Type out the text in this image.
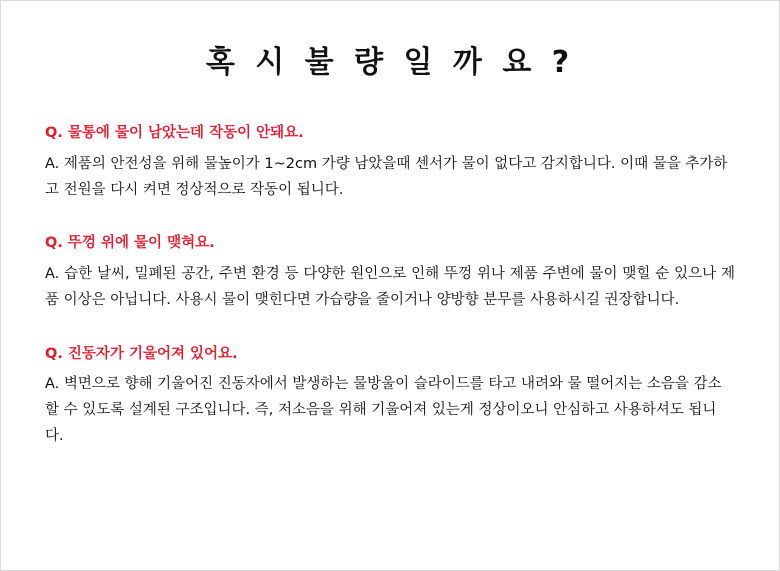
혹 시 불 량 일 까 요 ?

Q. 물통에 물이 남았는데 작동이 안돼요.

A. 제품의 안전성을 위해 물높이가 1~2cm 가량 남았을때 센서가 물이 없다고 감지합니다. 이때 물을 추가하고 전원을 다시 켜면 정상적으로 작동이 됩니다.

Q. 뚜껑 위에 물이 맺혀요.

A. 습한 날씨, 밀폐된 공간, 주변 환경 등 다양한 원인으로 인해 뚜껑 위나 제품 주변에 물이 맺힐 순 있으나 제품 이상은 아닙니다. 사용시 물이 맺힌다면 가습량을 줄이거나 양방향 분무를 사용하시길 권장합니다.

Q. 진동자가 기울어져 있어요.

A. 벽면으로 향해 기울어진 진동자에서 발생하는 물방울이 슬라이드를 타고 내려와 물 떨어지는 소음을 감소할 수 있도록 설계된 구조입니다. 즉, 저소음을 위해 기울어져 있는게 정상이오니 안심하고 사용하셔도 됩니다.
